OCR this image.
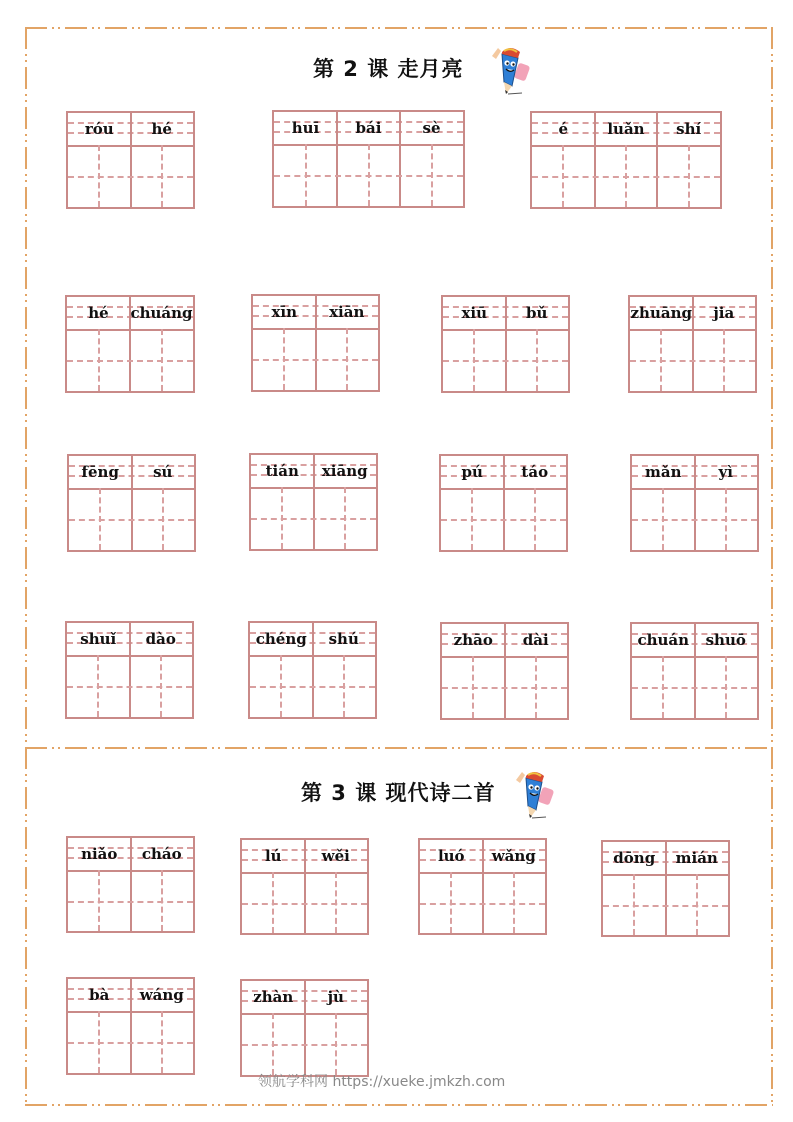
第 2 课 走月亮
第 3 课 现代诗二首
róu	hé	huī	bái	sè	é	luǎn	shí
hé	chuáng	xīn	xiān	xiū	bǔ	zhuāng	jia
fēng	sú	tián	xiāng	pú	táo	mǎn	yì
shuǐ	dào	chéng	shú	zhāo	dài	chuán	shuō
niǎo	cháo	lú	wěi	luó	wǎng	dōng	mián
bà	wáng	zhàn	jù
领航学科网 https://xueke.jmkzh.com
